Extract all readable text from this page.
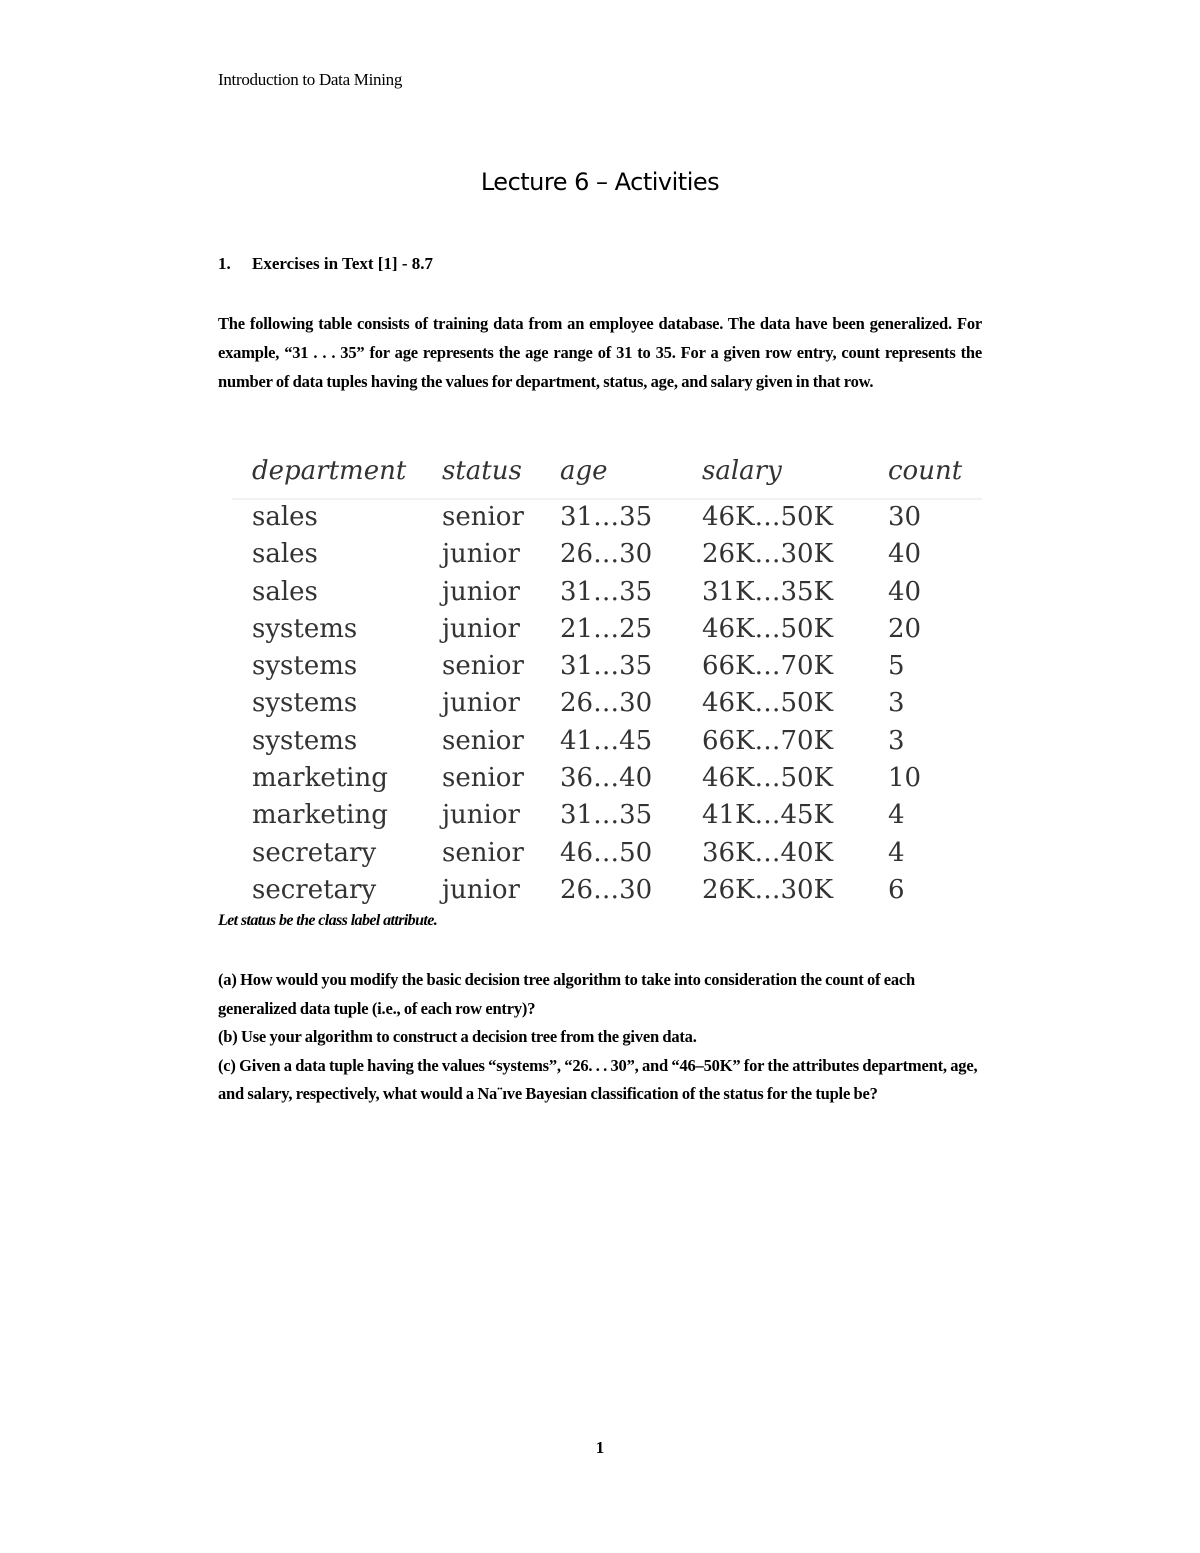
Introduction to Data Mining
Lecture 6 – Activities
1. Exercises in Text [1] - 8.7
The following table consists of training data from an employee database. The data have been generalized. For example, “31 . . . 35” for age represents the age range of 31 to 35. For a given row entry, count represents the number of data tuples having the values for department, status, age, and salary given in that row.
department status age	salary	count
sales	senior 31…35 46K…50K 30
sales	junior 26…30 26K…30K 40
sales	junior 31…35 31K…35K 40
systems	junior 21…25 46K…50K 20
systems	senior 31…35 66K…70K 5
systems	junior 26…30 46K…50K 3
systems	senior 41…45 66K…70K 3
marketing senior 36…40 46K…50K 10
marketing junior 31…35 41K…45K 4
secretary	senior 46…50 36K…40K 4
secretary	junior 26…30 26K…30K 6
Let status be the class label attribute.

(a) How would you modify the basic decision tree algorithm to take into consideration the count of each generalized data tuple (i.e., of each row entry)?

(b) Use your algorithm to construct a decision tree from the given data.

(c) Given a data tuple having the values “systems”, “26. . . 30”, and “46–50K” for the attributes department, age, and salary, respectively, what would a Na¨ıve Bayesian classification of the status for the tuple be?

1
